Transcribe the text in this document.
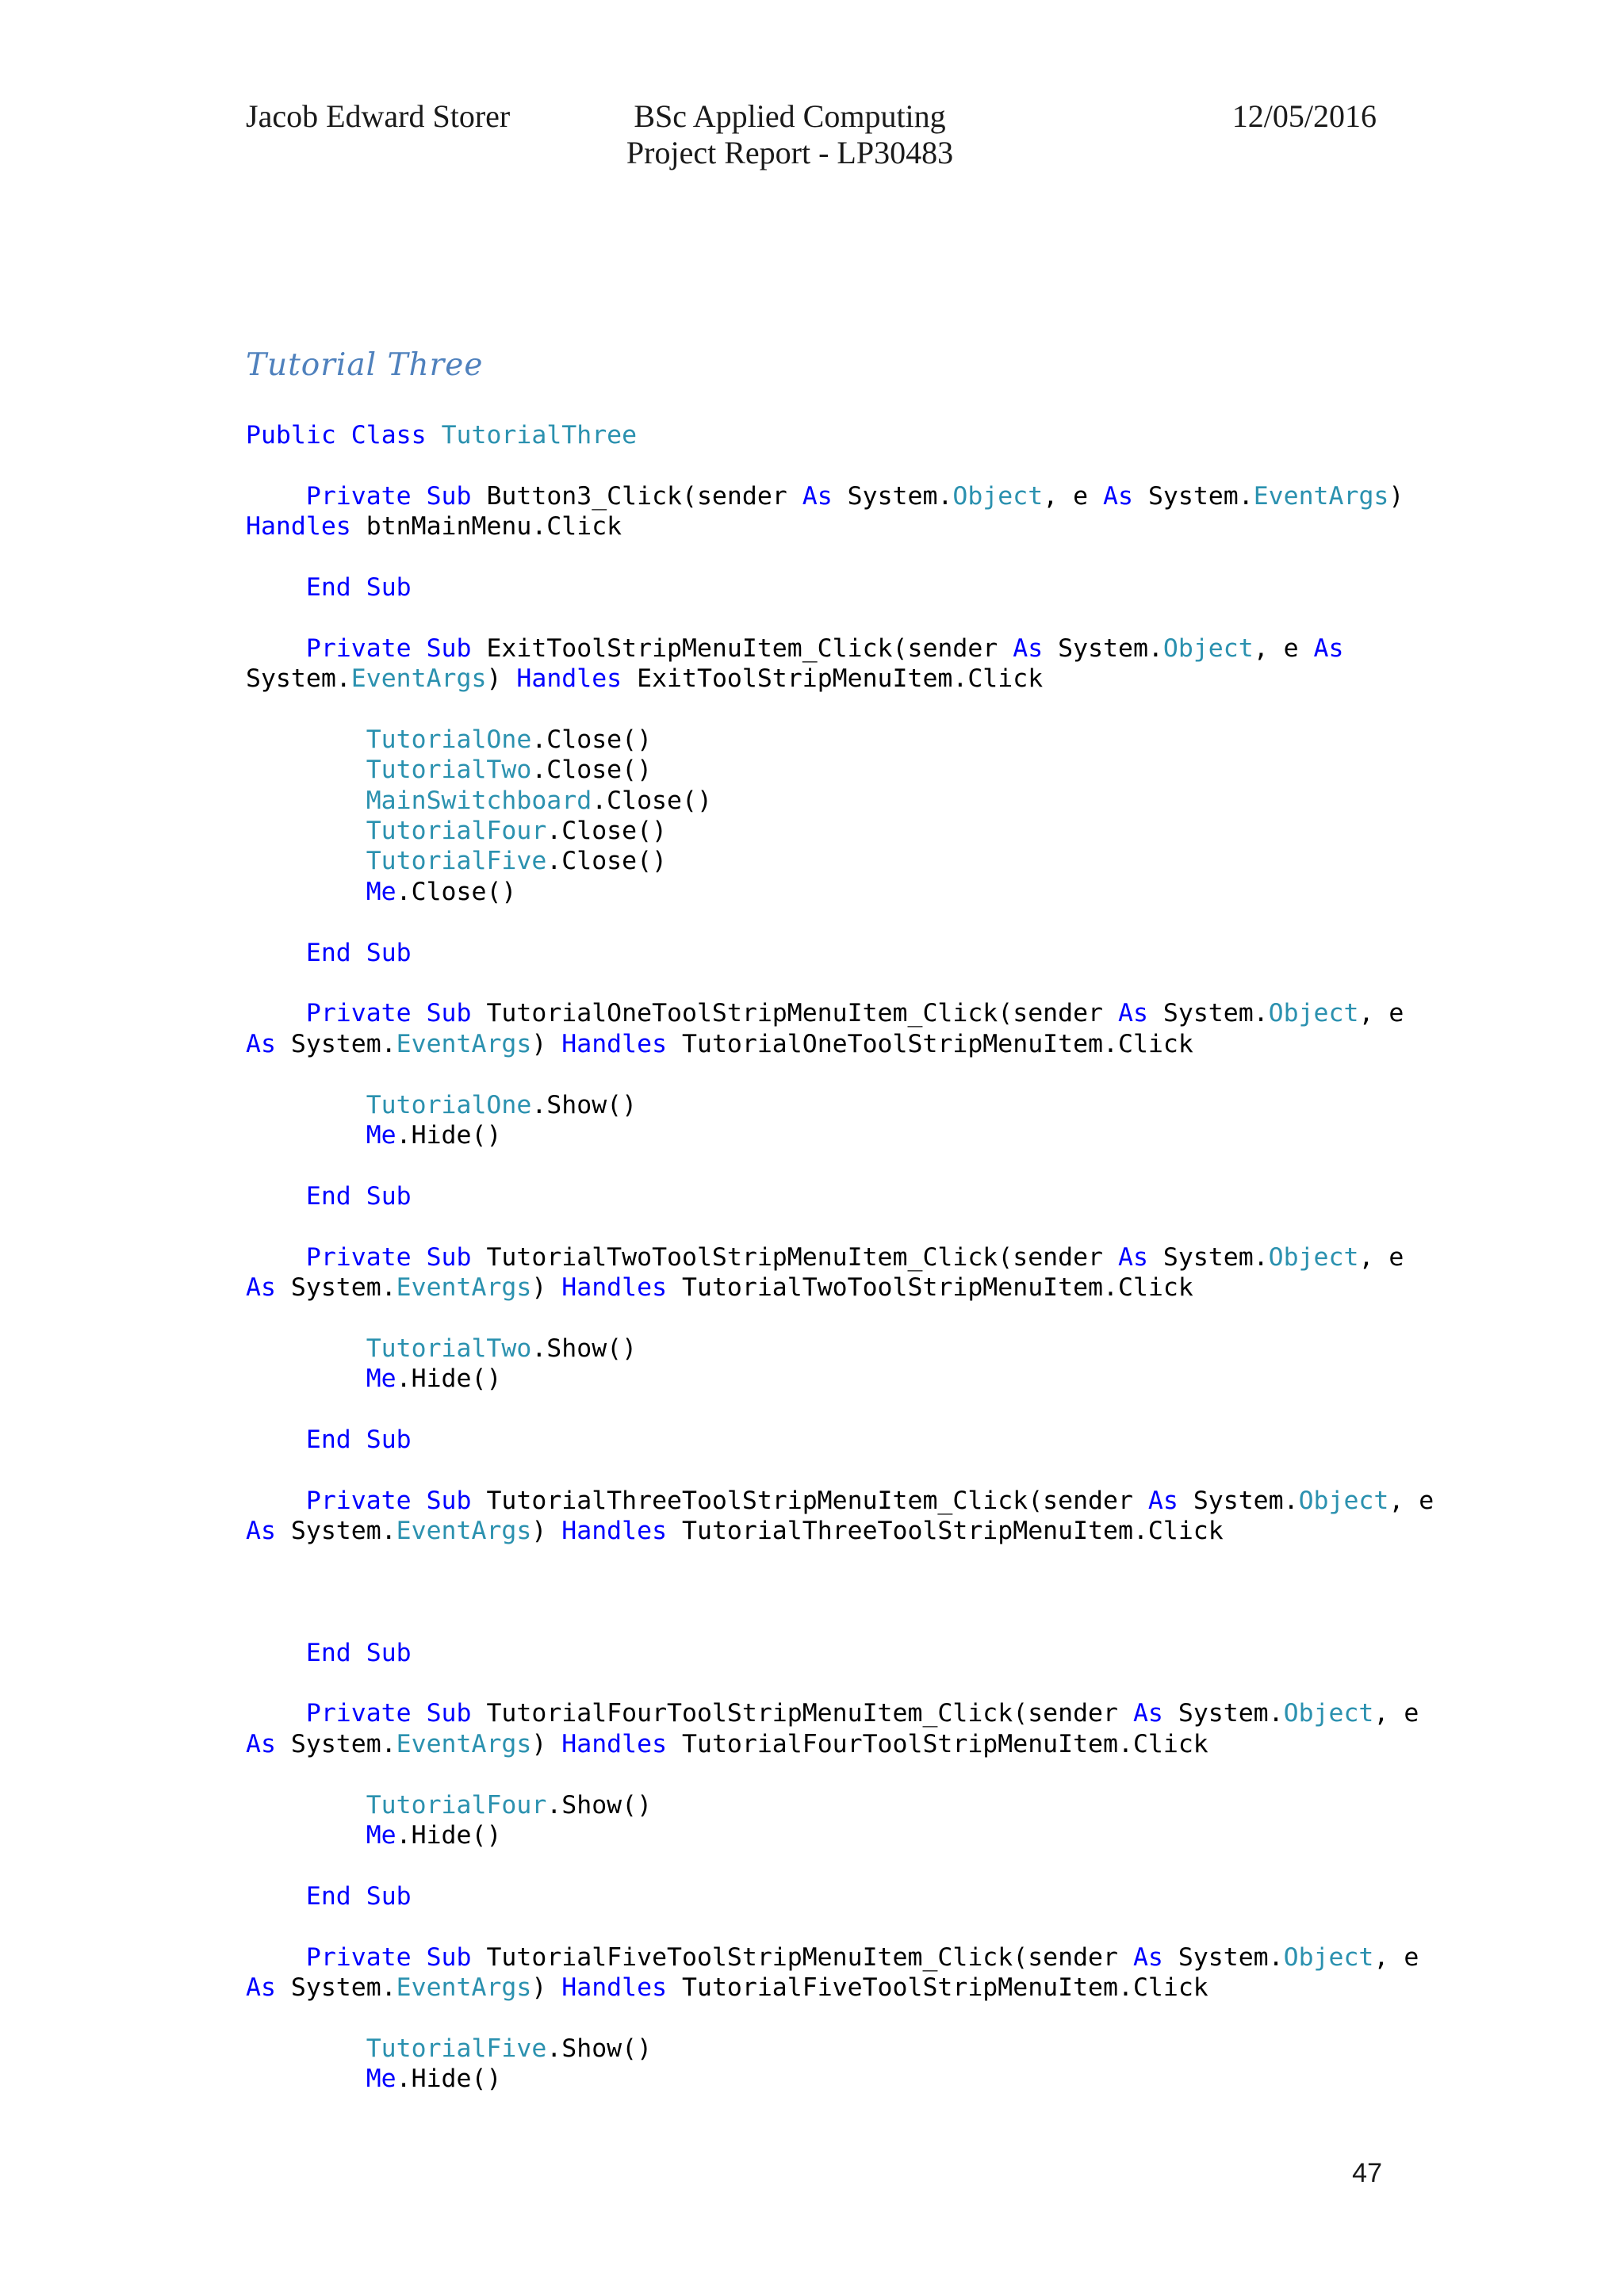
Jacob Edward Storer	BSc Applied Computing
Project Report - LP30483
12/05/2016
Tutorial Three
Public Class TutorialThree

Private Sub Button3_Click(sender As System.Object, e As System.EventArgs)
Handles btnMainMenu.Click

End Sub

Private Sub ExitToolStripMenuItem_Click(sender As System.Object, e As
System.EventArgs) Handles ExitToolStripMenuItem.Click

TutorialOne.Close()
TutorialTwo.Close()
MainSwitchboard.Close()
TutorialFour.Close()
TutorialFive.Close()
Me.Close()

End Sub

Private Sub TutorialOneToolStripMenuItem_Click(sender As System.Object, e
As System.EventArgs) Handles TutorialOneToolStripMenuItem.Click

TutorialOne.Show()
Me.Hide()

End Sub

Private Sub TutorialTwoToolStripMenuItem_Click(sender As System.Object, e
As System.EventArgs) Handles TutorialTwoToolStripMenuItem.Click

TutorialTwo.Show()
Me.Hide()

End Sub

Private Sub TutorialThreeToolStripMenuItem_Click(sender As System.Object, e
As System.EventArgs) Handles TutorialThreeToolStripMenuItem.Click

End Sub

Private Sub TutorialFourToolStripMenuItem_Click(sender As System.Object, e
As System.EventArgs) Handles TutorialFourToolStripMenuItem.Click

TutorialFour.Show()
Me.Hide()

End Sub

Private Sub TutorialFiveToolStripMenuItem_Click(sender As System.Object, e
As System.EventArgs) Handles TutorialFiveToolStripMenuItem.Click

TutorialFive.Show()
Me.Hide()
47
